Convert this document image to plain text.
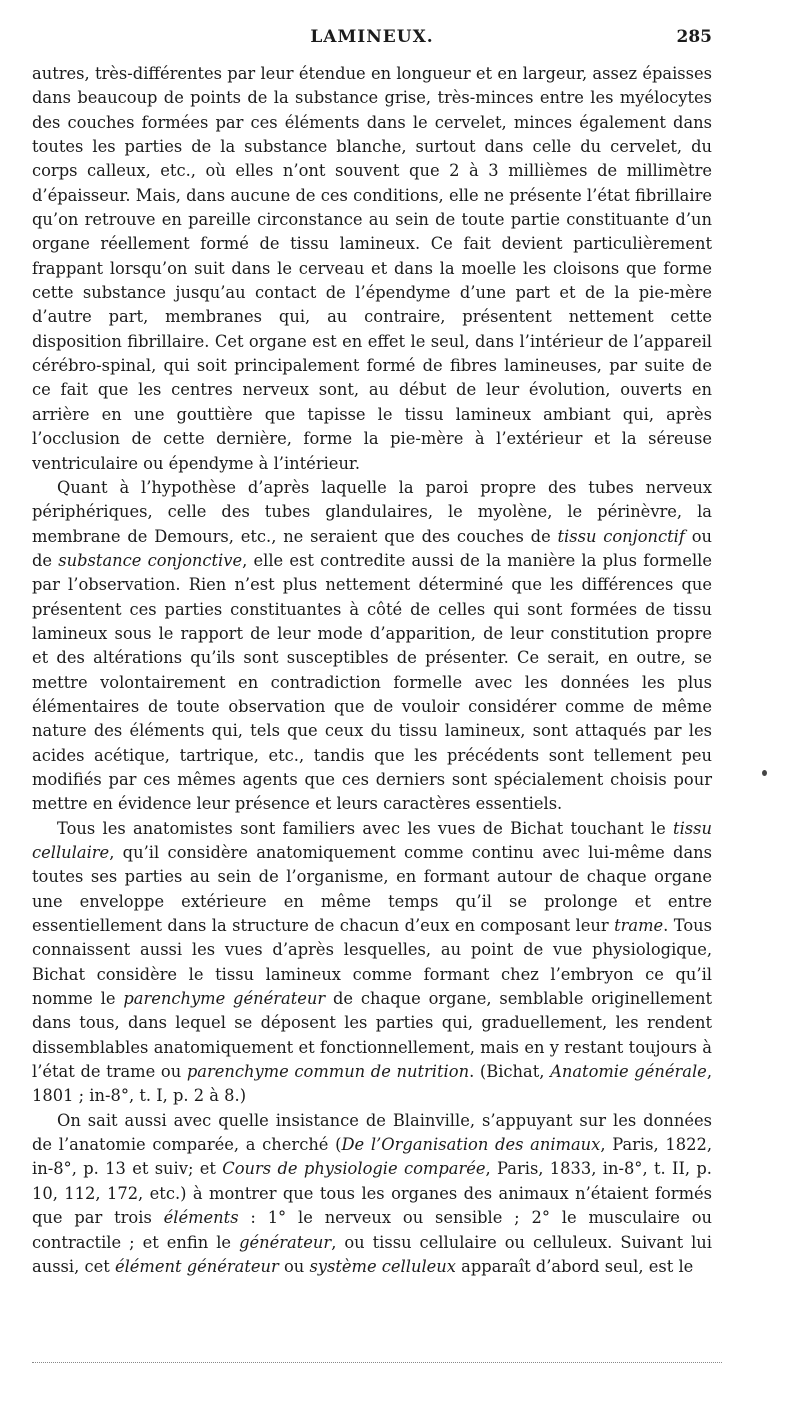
LAMINEUX.	285

autres, très-différentes par leur étendue en longueur et en largeur, assez épaisses dans beaucoup de points de la substance grise, très-minces entre les myélocytes des couches formées par ces éléments dans le cervelet, minces également dans toutes les parties de la substance blanche, surtout dans celle du cervelet, du corps calleux, etc., où elles n’ont souvent que 2 à 3 millièmes de millimètre d’épaisseur. Mais, dans aucune de ces conditions, elle ne présente l’état fibrillaire qu’on retrouve en pareille circonstance au sein de toute partie constituante d’un organe réellement formé de tissu lamineux. Ce fait devient particulièrement frappant lorsqu’on suit dans le cerveau et dans la moelle les cloisons que forme cette substance jusqu’au contact de l’épendyme d’une part et de la pie-mère d’autre part, membranes qui, au contraire, présentent nettement cette disposition fibrillaire. Cet organe est en effet le seul, dans l’intérieur de l’appareil cérébro-spinal, qui soit principalement formé de fibres lamineuses, par suite de ce fait que les centres nerveux sont, au début de leur évolution, ouverts en arrière en une gouttière que tapisse le tissu lamineux ambiant qui, après l’occlusion de cette dernière, forme la pie-mère à l’extérieur et la séreuse ventriculaire ou épendyme à l’intérieur.

Quant à l’hypothèse d’après laquelle la paroi propre des tubes nerveux périphériques, celle des tubes glandulaires, le myolène, le périnèvre, la membrane de Demours, etc., ne seraient que des couches de tissu conjonctif ou de substance conjonctive, elle est contredite aussi de la manière la plus formelle par l’observation. Rien n’est plus nettement déterminé que les différences que présentent ces parties constituantes à côté de celles qui sont formées de tissu lamineux sous le rapport de leur mode d’apparition, de leur constitution propre et des altérations qu’ils sont susceptibles de présenter. Ce serait, en outre, se mettre volontairement en contradiction formelle avec les données les plus élémentaires de toute observation que de vouloir considérer comme de même nature des éléments qui, tels que ceux du tissu lamineux, sont attaqués par les acides acétique, tartrique, etc., tandis que les précédents sont tellement peu modifiés par ces mêmes agents que ces derniers sont spécialement choisis pour mettre en évidence leur présence et leurs caractères essentiels.

Tous les anatomistes sont familiers avec les vues de Bichat touchant le tissu cellulaire, qu’il considère anatomiquement comme continu avec lui-même dans toutes ses parties au sein de l’organisme, en formant autour de chaque organe une enveloppe extérieure en même temps qu’il se prolonge et entre essentiellement dans la structure de chacun d’eux en composant leur trame. Tous connaissent aussi les vues d’après lesquelles, au point de vue physiologique, Bichat considère le tissu lamineux comme formant chez l’embryon ce qu’il nomme le parenchyme générateur de chaque organe, semblable originellement dans tous, dans lequel se déposent les parties qui, graduellement, les rendent dissemblables anatomiquement et fonctionnellement, mais en y restant toujours à l’état de trame ou parenchyme commun de nutrition. (Bichat, Anatomie générale, 1801 ; in-8°, t. I, p. 2 à 8.)

On sait aussi avec quelle insistance de Blainville, s’appuyant sur les données de l’anatomie comparée, a cherché (De l’Organisation des animaux, Paris, 1822, in-8°, p. 13 et suiv; et Cours de physiologie comparée, Paris, 1833, in-8°, t. II, p. 10, 112, 172, etc.) à montrer que tous les organes des animaux n’étaient formés que par trois éléments : 1° le nerveux ou sensible ; 2° le musculaire ou contractile ; et enfin le générateur, ou tissu cellulaire ou celluleux. Suivant lui aussi, cet élément générateur ou système celluleux apparaît d’abord seul, est le
